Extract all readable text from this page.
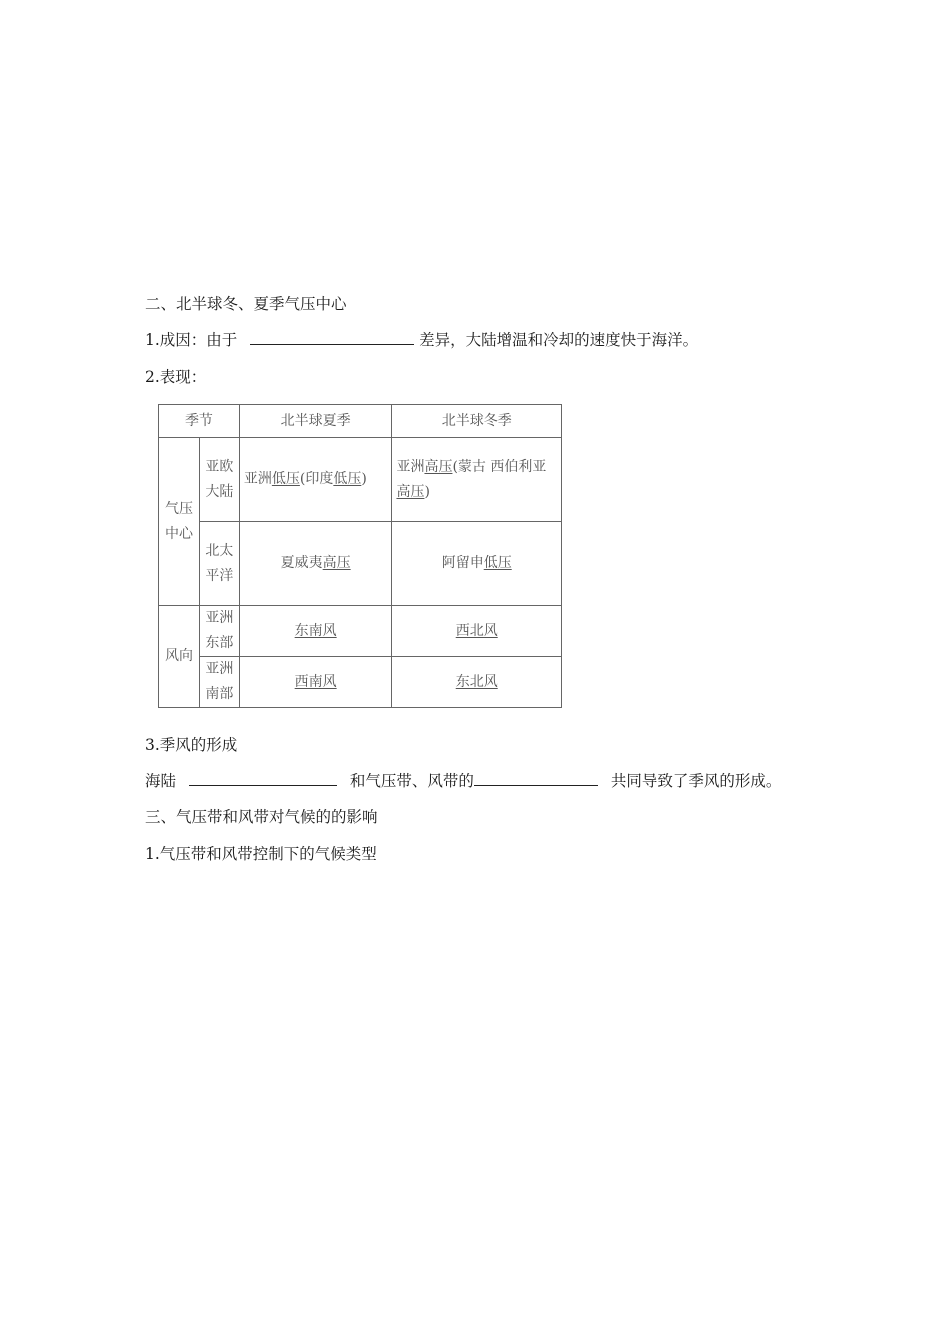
二、北半球冬、夏季气压中心
1.成因：由于	差异，大陆增温和冷却的速度快于海洋。
2.表现：
季节		北半球夏季	北半球冬季
气压中心	亚欧大陆	亚洲低压(印度低压)	亚洲高压(蒙古 西伯利亚高压)
	北太平洋	夏威夷高压	阿留申低压
风向	亚洲东部	东南风	西北风
	亚洲南部	西南风	东北风
3.季风的形成
海陆	和气压带、风带的	共同导致了季风的形成。
三、气压带和风带对气候的的影响
1.气压带和风带控制下的气候类型
